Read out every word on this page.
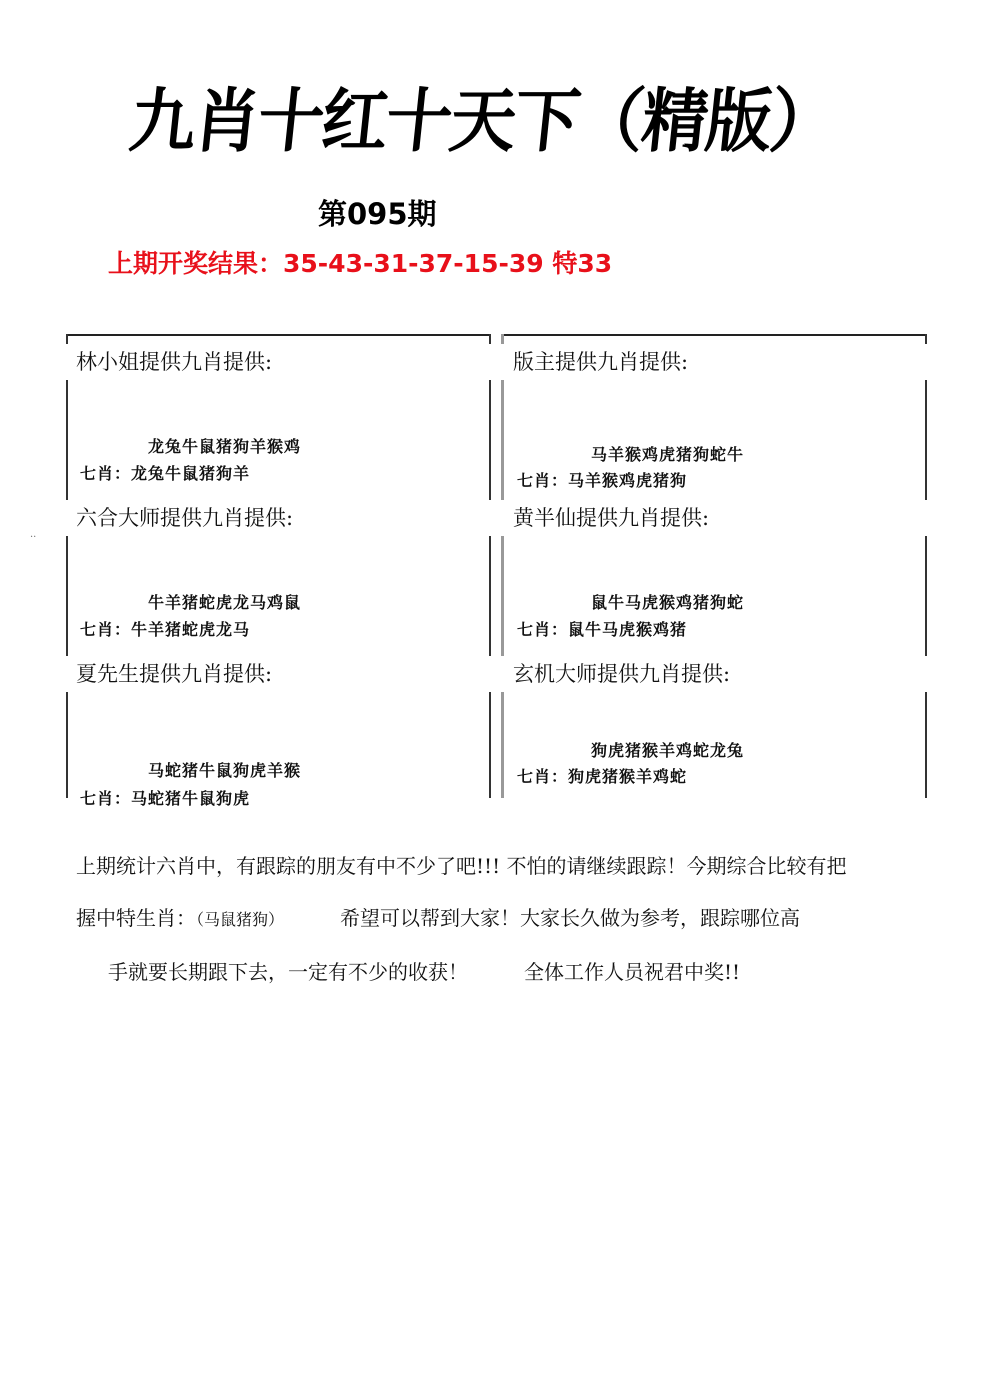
九肖十红十天下（精版）
第095期
上期开奖结果：35-43-31-37-15-39 特33
··
林小姐提供九肖提供:
龙兔牛鼠猪狗羊猴鸡
七肖：龙兔牛鼠猪狗羊
六合大师提供九肖提供:
牛羊猪蛇虎龙马鸡鼠
七肖：牛羊猪蛇虎龙马
夏先生提供九肖提供:
马蛇猪牛鼠狗虎羊猴
七肖：马蛇猪牛鼠狗虎
版主提供九肖提供:
马羊猴鸡虎猪狗蛇牛
七肖：马羊猴鸡虎猪狗
黄半仙提供九肖提供:
鼠牛马虎猴鸡猪狗蛇
七肖：鼠牛马虎猴鸡猪
玄机大师提供九肖提供:
狗虎猪猴羊鸡蛇龙兔
七肖：狗虎猪猴羊鸡蛇
上期统计六肖中，有跟踪的朋友有中不少了吧!!! 不怕的请继续跟踪！今期综合比较有把
握中特生肖：（马鼠猪狗）	希望可以帮到大家！大家长久做为参考，跟踪哪位高
手就要长期跟下去，一定有不少的收获！	全体工作人员祝君中奖!!
